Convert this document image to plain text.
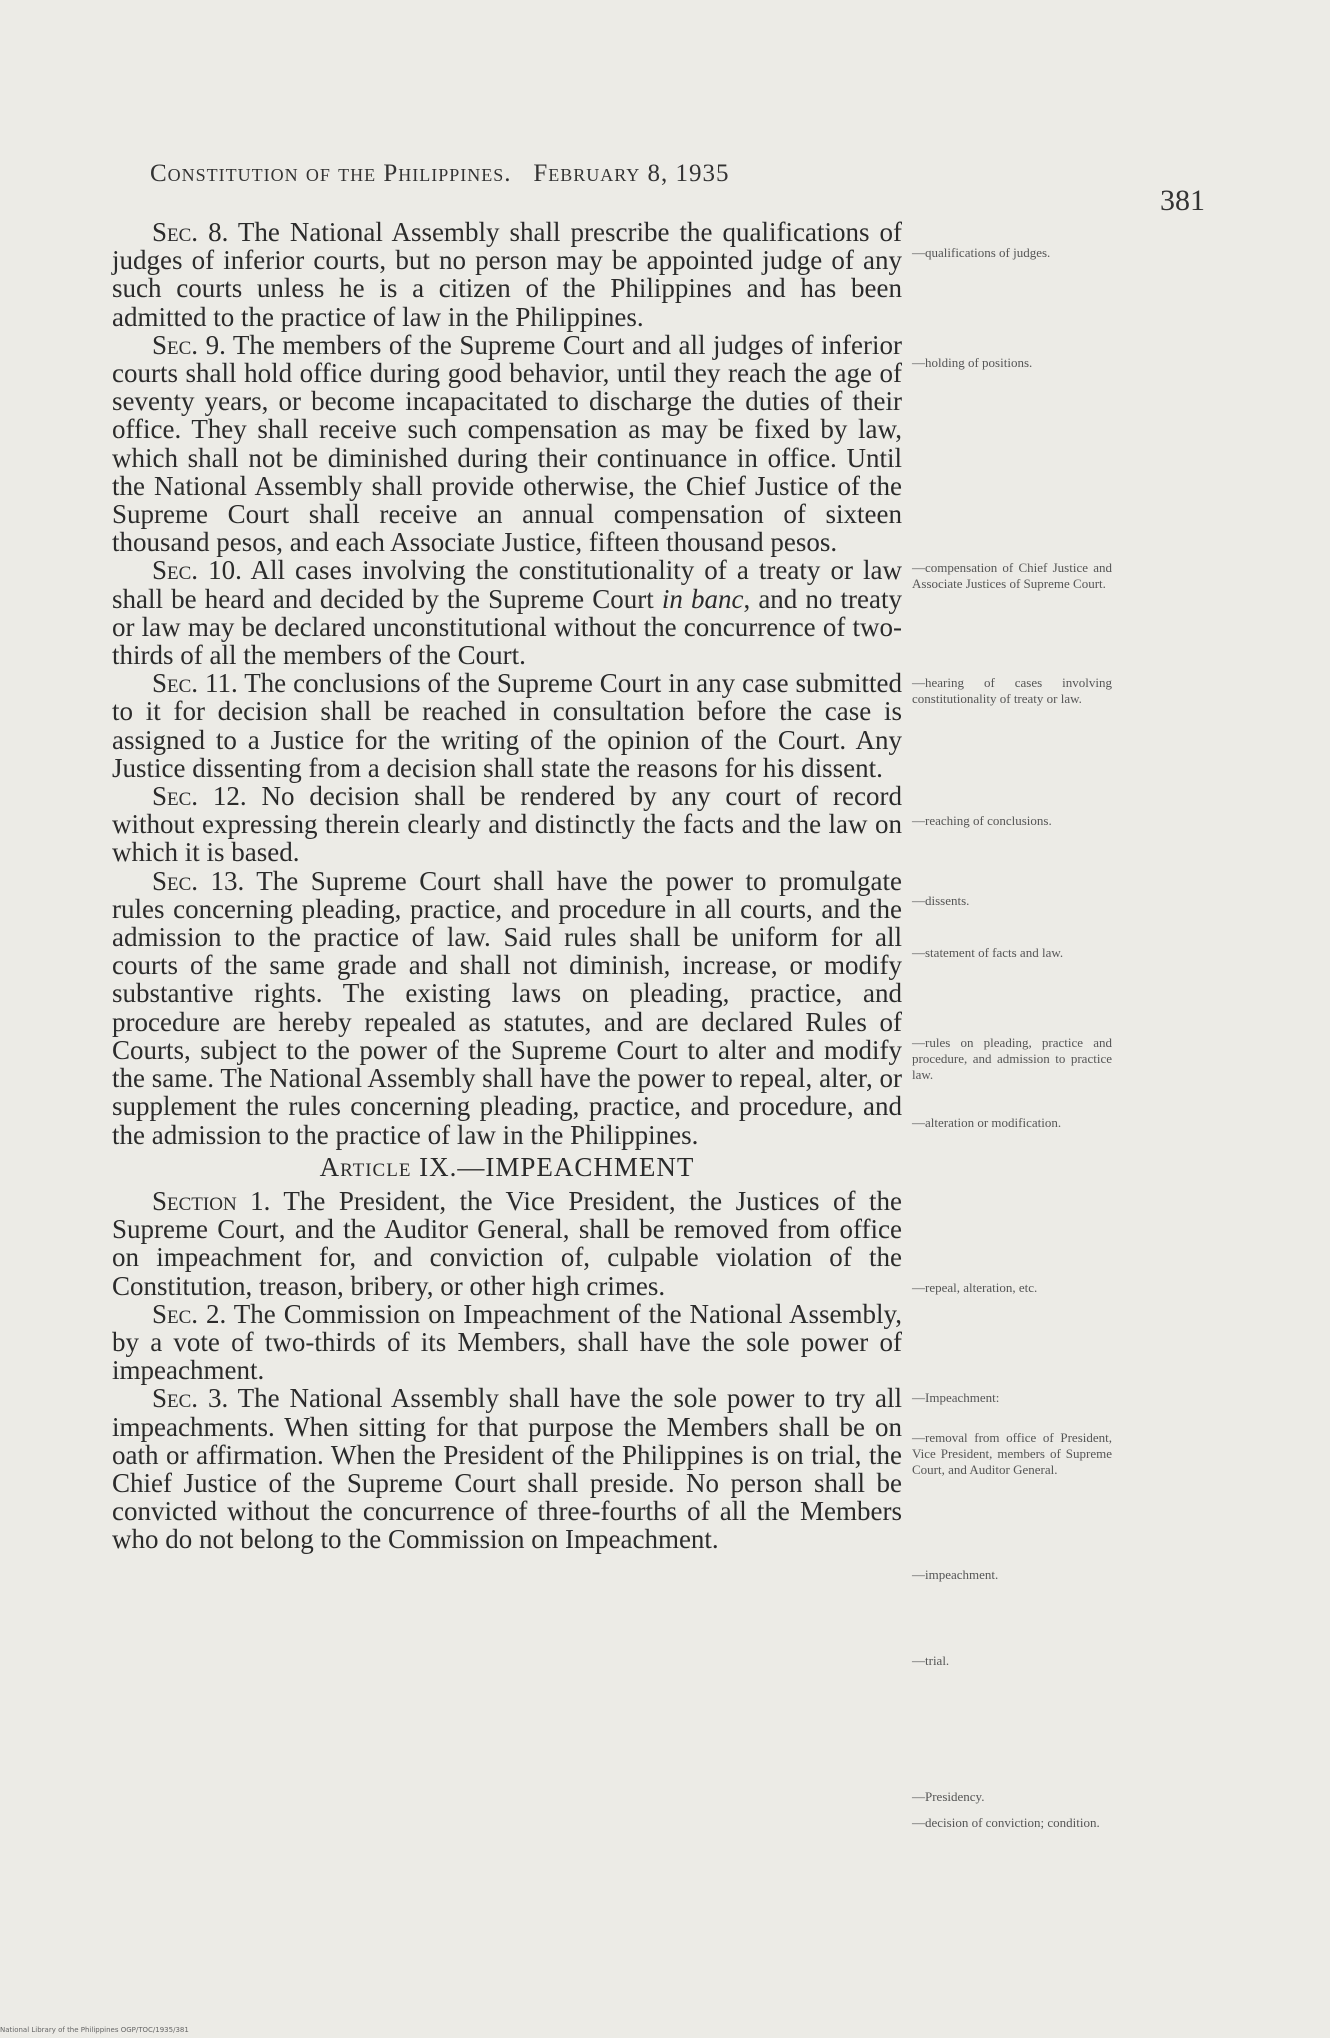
Constitution of the Philippines. February 8, 1935
381

Sec. 8. The National Assembly shall prescribe the qualifications of judges of inferior courts, but no person may be appointed judge of any such courts unless he is a citizen of the Philippines and has been admitted to the practice of law in the Philippines.

Sec. 9. The members of the Supreme Court and all judges of inferior courts shall hold office during good behavior, until they reach the age of seventy years, or become incapacitated to discharge the duties of their office. They shall receive such compensation as may be fixed by law, which shall not be diminished during their continuance in office. Until the National Assembly shall provide otherwise, the Chief Justice of the Supreme Court shall receive an annual compensation of sixteen thousand pesos, and each Associate Justice, fifteen thousand pesos.

Sec. 10. All cases involving the constitutionality of a treaty or law shall be heard and decided by the Supreme Court in banc, and no treaty or law may be declared unconstitutional without the concurrence of two-thirds of all the members of the Court.

Sec. 11. The conclusions of the Supreme Court in any case submitted to it for decision shall be reached in consultation before the case is assigned to a Justice for the writing of the opinion of the Court. Any Justice dissenting from a decision shall state the reasons for his dissent.

Sec. 12. No decision shall be rendered by any court of record without expressing therein clearly and distinctly the facts and the law on which it is based.

Sec. 13. The Supreme Court shall have the power to promulgate rules concerning pleading, practice, and procedure in all courts, and the admission to the practice of law. Said rules shall be uniform for all courts of the same grade and shall not diminish, increase, or modify substantive rights. The existing laws on pleading, practice, and procedure are hereby repealed as statutes, and are declared Rules of Courts, subject to the power of the Supreme Court to alter and modify the same. The National Assembly shall have the power to repeal, alter, or supplement the rules concerning pleading, practice, and procedure, and the admission to the practice of law in the Philippines.

Article IX.—IMPEACHMENT

Section 1. The President, the Vice President, the Justices of the Supreme Court, and the Auditor General, shall be removed from office on impeachment for, and conviction of, culpable violation of the Constitution, treason, bribery, or other high crimes.

Sec. 2. The Commission on Impeachment of the National Assembly, by a vote of two-thirds of its Members, shall have the sole power of impeachment.

Sec. 3. The National Assembly shall have the sole power to try all impeachments. When sitting for that purpose the Members shall be on oath or affirmation. When the President of the Philippines is on trial, the Chief Justice of the Supreme Court shall preside. No person shall be convicted without the concurrence of three-fourths of all the Members who do not belong to the Commission on Impeachment.

—qualifications of judges.
—holding of positions.
—compensation of Chief Justice and Associate Justices of Supreme Court.
—hearing of cases involving constitutionality of treaty or law.
—reaching of conclusions.
—dissents.
—statement of facts and law.
—rules on pleading, practice and procedure, and admission to practice law.
—alteration or modification.
—repeal, alteration, etc.
—Impeachment:
—removal from office of President, Vice President, members of Supreme Court, and Auditor General.
—impeachment.
—trial.
—Presidency.
—decision of conviction; condition.
National Library of the Philippines OGP/TOC/1935/381
